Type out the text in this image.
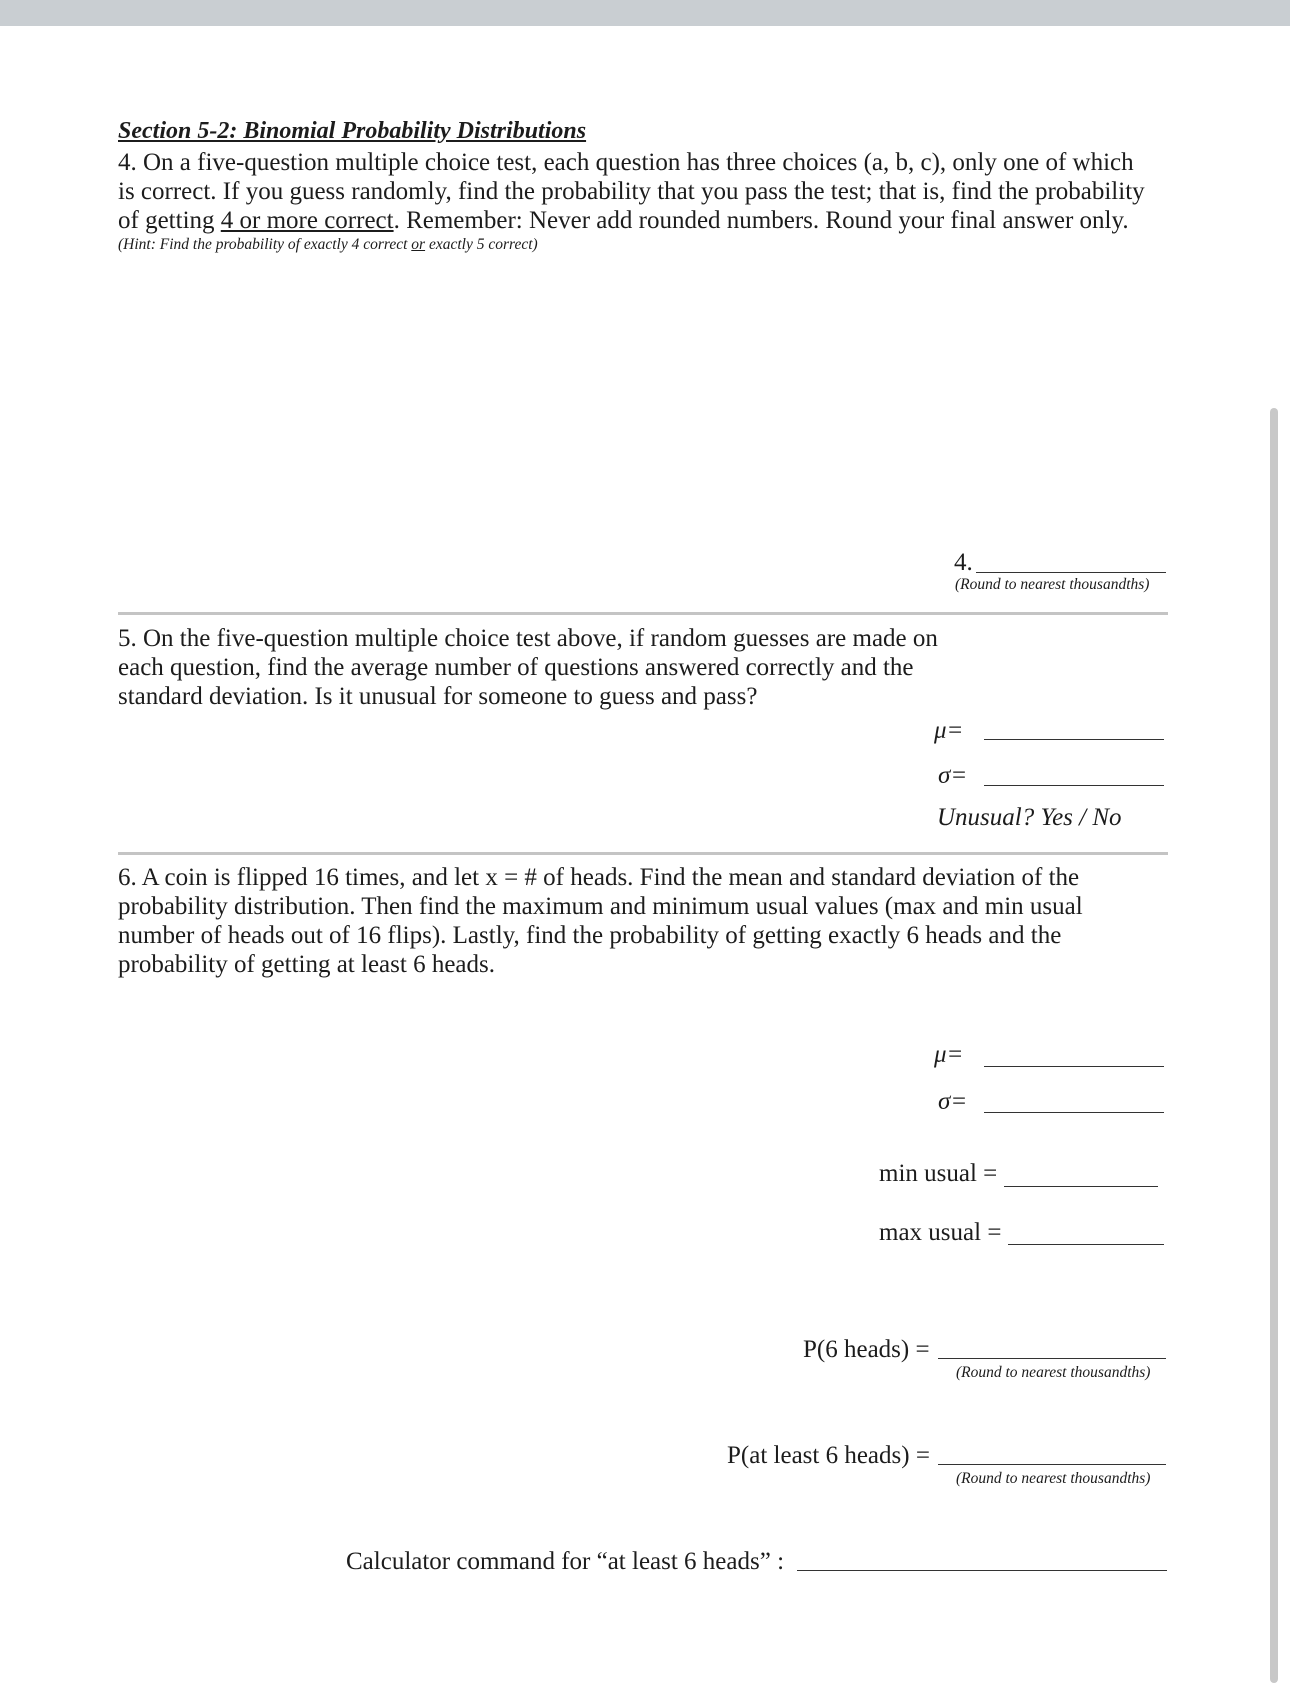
Section 5-2: Binomial Probability Distributions
4. On a five-question multiple choice test, each question has three choices (a, b, c), only one of which
is correct. If you guess randomly, find the probability that you pass the test; that is, find the probability
of getting 4 or more correct. Remember: Never add rounded numbers. Round your final answer only.
(Hint: Find the probability of exactly 4 correct or exactly 5 correct)
4.
(Round to nearest thousandths)
5. On the five-question multiple choice test above, if random guesses are made on
each question, find the average number of questions answered correctly and the
standard deviation. Is it unusual for someone to guess and pass?
μ=
σ=
Unusual? Yes / No
6. A coin is flipped 16 times, and let x = # of heads. Find the mean and standard deviation of the
probability distribution. Then find the maximum and minimum usual values (max and min usual
number of heads out of 16 flips). Lastly, find the probability of getting exactly 6 heads and the
probability of getting at least 6 heads.
μ=
σ=
min usual =
max usual =
P(6 heads) =
(Round to nearest thousandths)
P(at least 6 heads) =
(Round to nearest thousandths)
Calculator command for “at least 6 heads” :
